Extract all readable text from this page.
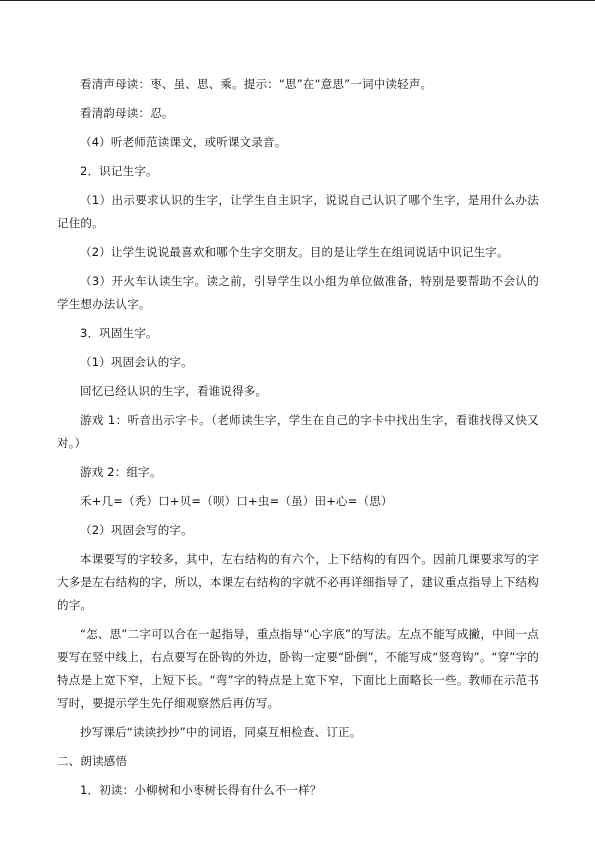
看清声母读：枣、虽、思、乘。提示：“思”在“意思”一词中读轻声。

看清韵母读：忍。

（4）听老师范读课文，或听课文录音。

2．识记生字。

（1）出示要求认识的生字，让学生自主识字，说说自己认识了哪个生字，是用什么办法记住的。

（2）让学生说说最喜欢和哪个生字交朋友。目的是让学生在组词说话中识记生字。

（3）开火车认读生字。读之前，引导学生以小组为单位做准备，特别是要帮助不会认的学生想办法认字。

3．巩固生字。

（1）巩固会认的字。

回忆已经认识的生字，看谁说得多。

游戏 1：听音出示字卡。（老师读生字，学生在自己的字卡中找出生字，看谁找得又快又对。）

游戏 2：组字。

禾+几=（秃）口+贝=（呗）口+虫=（虽）田+心=（思）

（2）巩固会写的字。

本课要写的字较多，其中，左右结构的有六个，上下结构的有四个。因前几课要求写的字大多是左右结构的字，所以，本课左右结构的字就不必再详细指导了，建议重点指导上下结构的字。

“怎、思”二字可以合在一起指导，重点指导“心字底”的写法。左点不能写成撇，中间一点要写在竖中线上，右点要写在卧钩的外边，卧钩一定要“卧倒”，不能写成“竖弯钩”。“穿”字的特点是上宽下窄，上短下长。“弯”字的特点是上宽下窄，下面比上面略长一些。教师在示范书写时，要提示学生先仔细观察然后再仿写。

抄写课后“读读抄抄”中的词语，同桌互相检查、订正。

二、朗读感悟

1．初读：小柳树和小枣树长得有什么不一样？
